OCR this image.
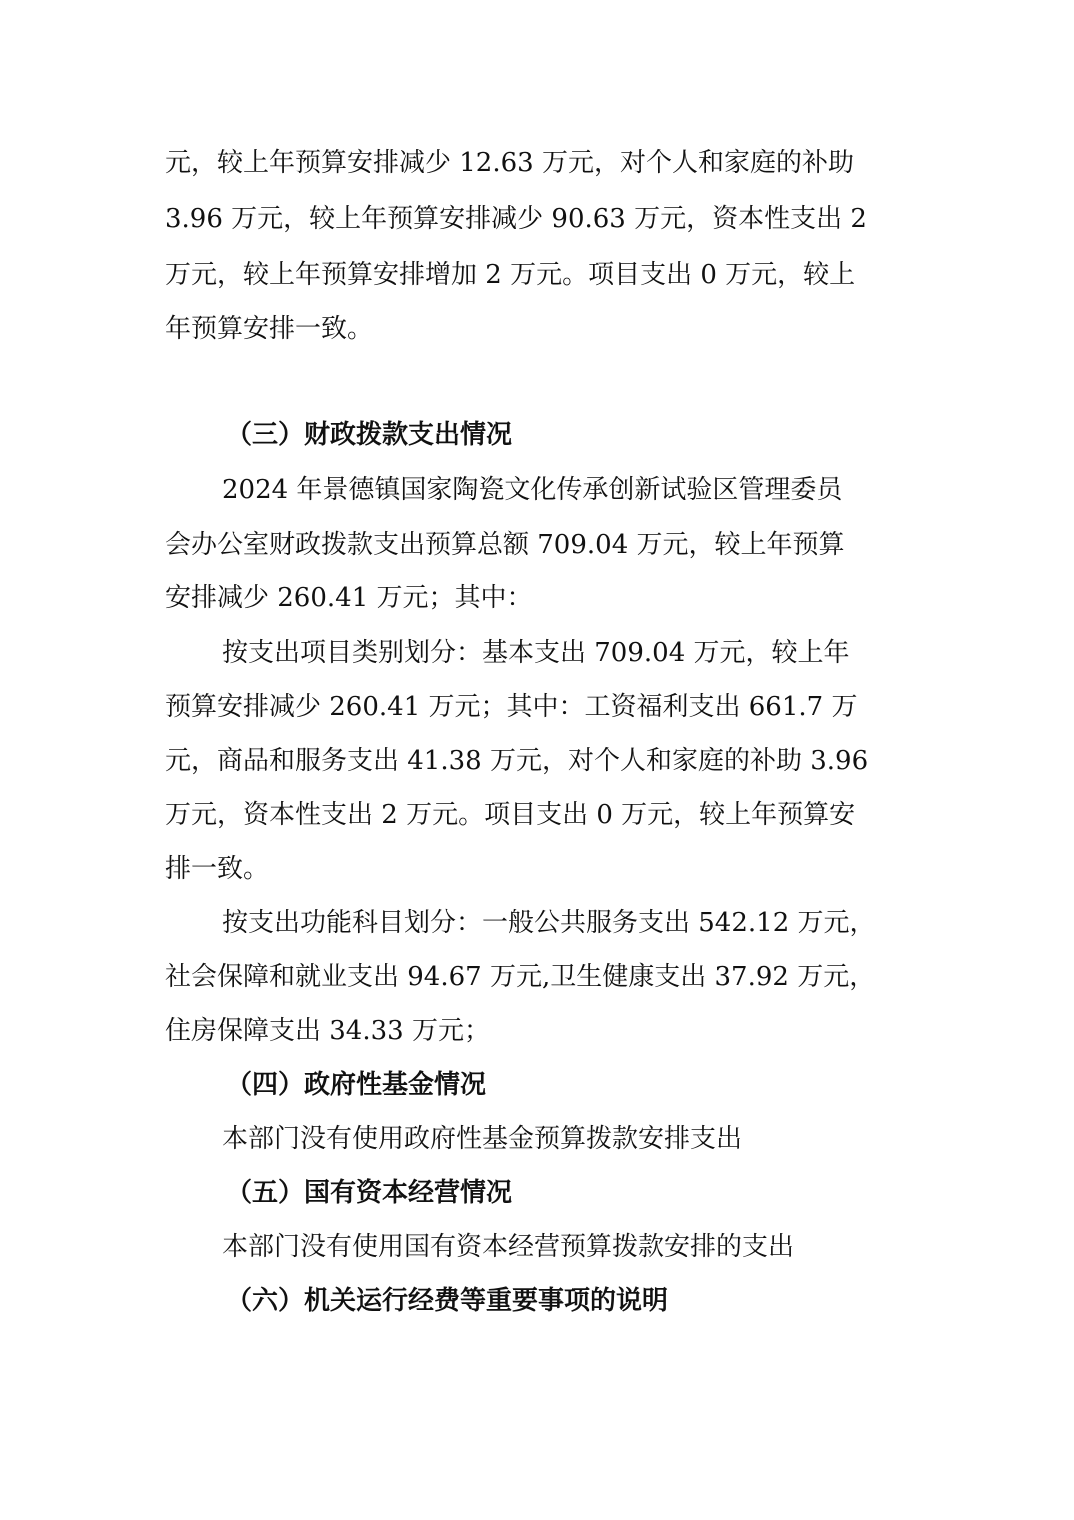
元，较上年预算安排减少 12.63 万元，对个人和家庭的补助
3.96 万元，较上年预算安排减少 90.63 万元，资本性支出 2
万元，较上年预算安排增加 2 万元。项目支出 0 万元，较上
年预算安排一致。
（三）财政拨款支出情况
2024 年景德镇国家陶瓷文化传承创新试验区管理委员
会办公室财政拨款支出预算总额 709.04 万元，较上年预算
安排减少 260.41 万元；其中：
按支出项目类别划分：基本支出 709.04 万元，较上年
预算安排减少 260.41 万元；其中：工资福利支出 661.7 万
元，商品和服务支出 41.38 万元，对个人和家庭的补助 3.96
万元，资本性支出 2 万元。项目支出 0 万元，较上年预算安
排一致。
按支出功能科目划分：一般公共服务支出 542.12 万元，
社会保障和就业支出 94.67 万元,卫生健康支出 37.92 万元，
住房保障支出 34.33 万元；
（四）政府性基金情况
本部门没有使用政府性基金预算拨款安排支出
（五）国有资本经营情况
本部门没有使用国有资本经营预算拨款安排的支出
（六）机关运行经费等重要事项的说明
